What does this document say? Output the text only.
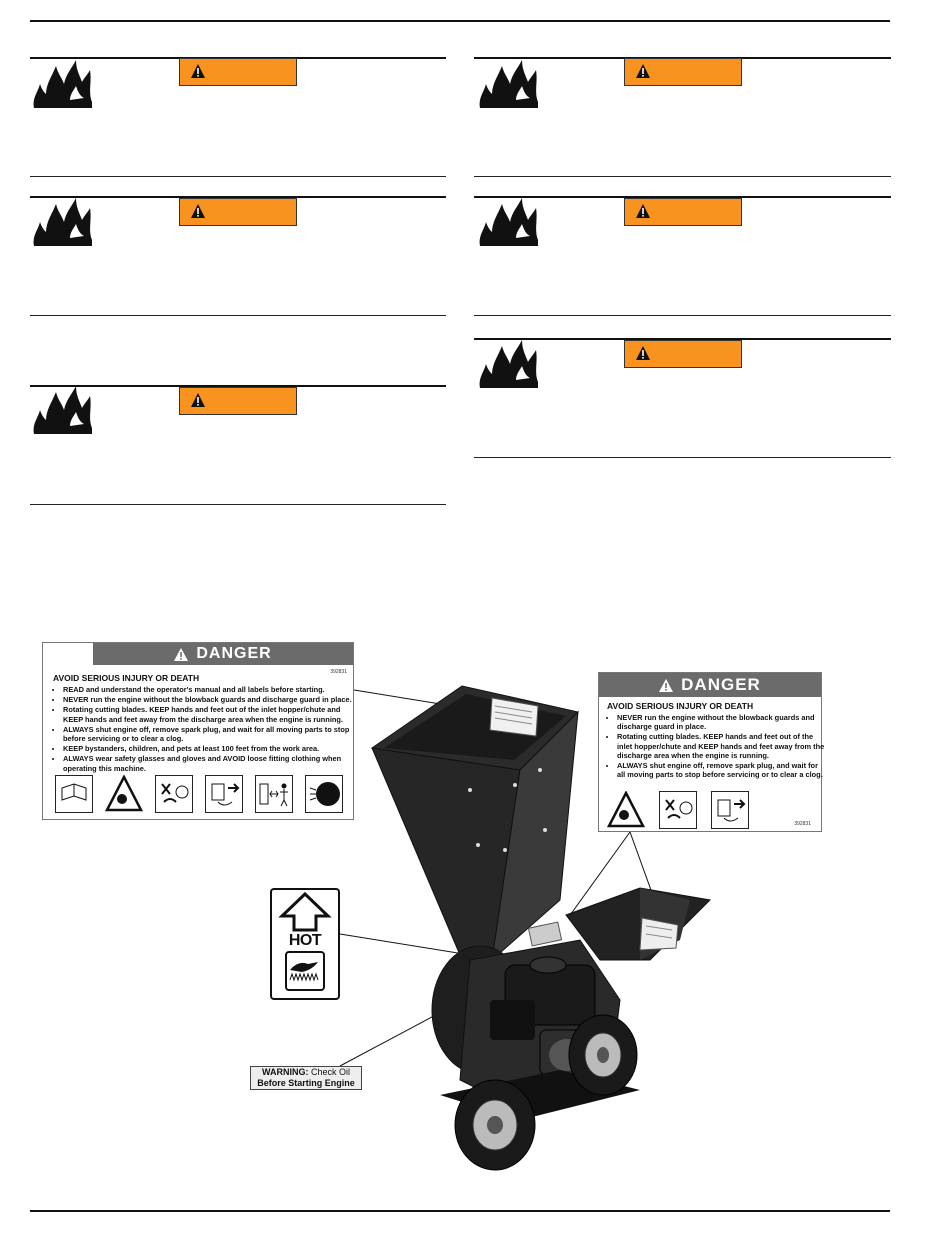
DANGER
392831
AVOID SERIOUS INJURY OR DEATH
• READ and understand the operator's manual and all labels before starting.
• NEVER run the engine without the blowback guards and discharge guard in place.
• Rotating cutting blades. KEEP hands and feet out of the inlet hopper/chute and KEEP hands and feet away from the discharge area when the engine is running.
• ALWAYS shut engine off, remove spark plug, and wait for all moving parts to stop before servicing or to clear a clog.
• KEEP bystanders, children, and pets at least 100 feet from the work area.
• ALWAYS wear safety glasses and gloves and AVOID loose fitting clothing when operating this machine.
DANGER
AVOID SERIOUS INJURY OR DEATH
• NEVER run the engine without the blowback guards and discharge guard in place.
• Rotating cutting blades. KEEP hands and feet out of the inlet hopper/chute and KEEP hands and feet away from the discharge area when the engine is running.
• ALWAYS shut engine off, remove spark plug, and wait for all moving parts to stop before servicing or to clear a clog.
392831
HOT
WARNING: Check Oil
Before Starting Engine
